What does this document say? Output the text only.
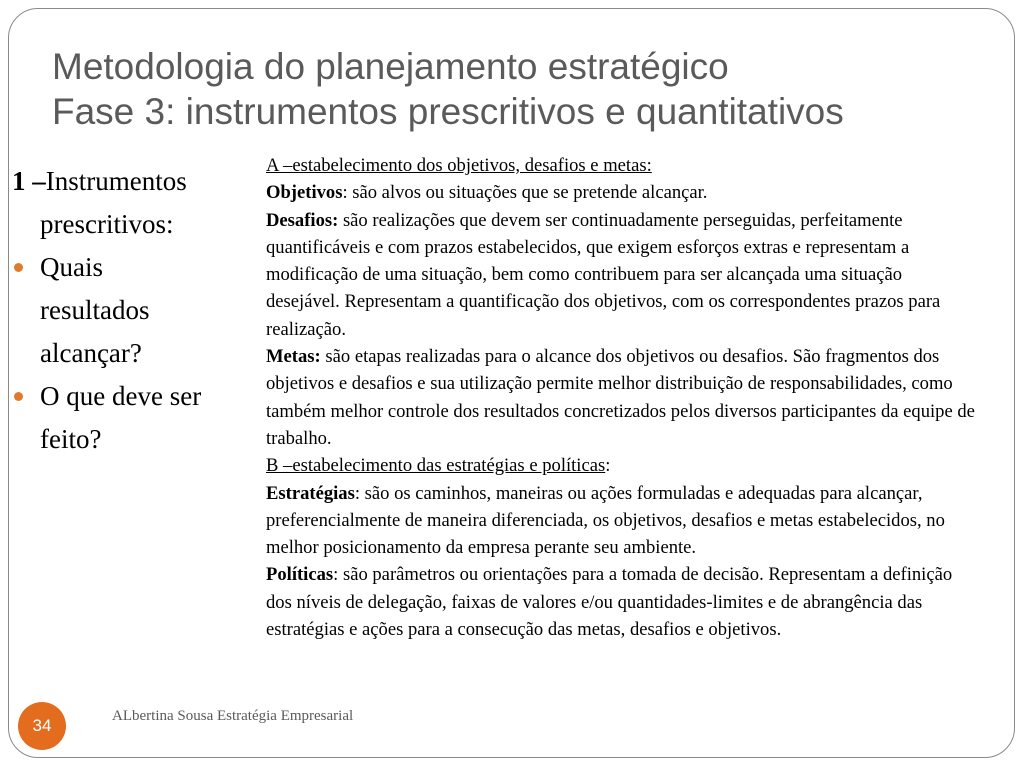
Metodologia do planejamento estratégico
Fase 3: instrumentos prescritivos e quantitativos
1 –Instrumentos
prescritivos:
Quais
resultados
alcançar?
O que deve ser
feito?

A –estabelecimento dos objetivos, desafios e metas:

Objetivos: são alvos ou situações que se pretende alcançar.

Desafios: são realizações que devem ser continuadamente perseguidas, perfeitamente quantificáveis e com prazos estabelecidos, que exigem esforços extras e representam a modificação de uma situação, bem como contribuem para ser alcançada uma situação desejável. Representam a quantificação dos objetivos, com os correspondentes prazos para realização.

Metas: são etapas realizadas para o alcance dos objetivos ou desafios. São fragmentos dos objetivos e desafios e sua utilização permite melhor distribuição de responsabilidades, como também melhor controle dos resultados concretizados pelos diversos participantes da equipe de trabalho.

B –estabelecimento das estratégias e políticas:

Estratégias: são os caminhos, maneiras ou ações formuladas e adequadas para alcançar, preferencialmente de maneira diferenciada, os objetivos, desafios e metas estabelecidos, no melhor posicionamento da empresa perante seu ambiente.

Políticas: são parâmetros ou orientações para a tomada de decisão. Representam a definição dos níveis de delegação, faixas de valores e/ou quantidades-limites e de abrangência das estratégias e ações para a consecução das metas, desafios e objetivos.

34	ALbertina Sousa Estratégia Empresarial
